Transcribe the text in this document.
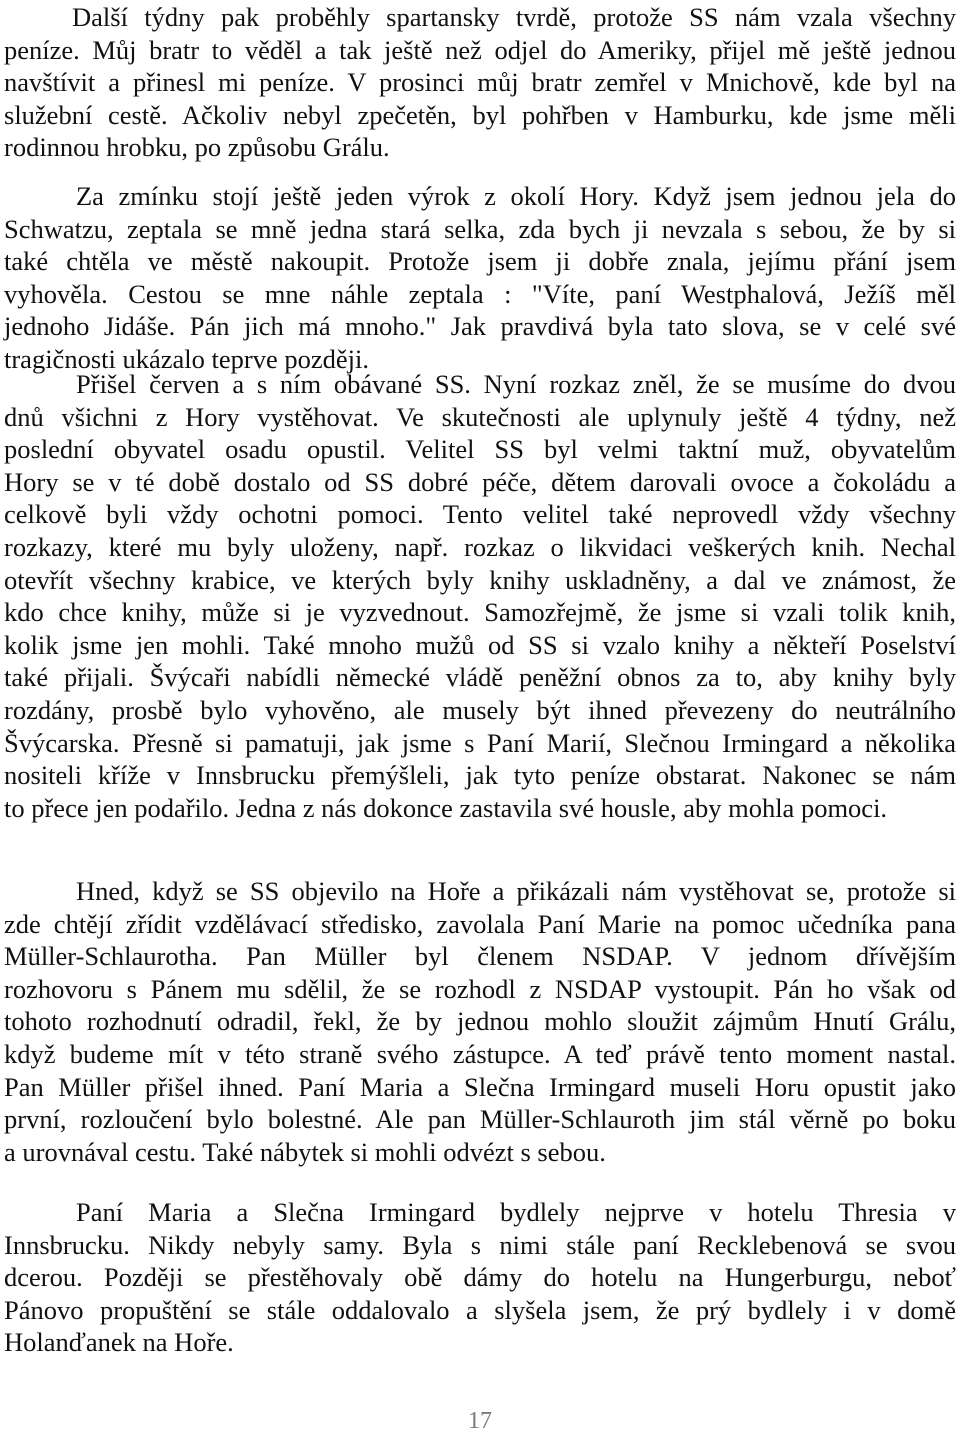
Další týdny pak proběhly spartansky tvrdě, protože SS nám vzala všechny
peníze. Můj bratr to věděl a tak ještě než odjel do Ameriky, přijel mě ještě jednou
navštívit a přinesl mi peníze. V prosinci můj bratr zemřel v Mnichově, kde byl na
služební cestě. Ačkoliv nebyl zpečetěn, byl pohřben v Hamburku, kde jsme měli
rodinnou hrobku, po způsobu Grálu.
Za zmínku stojí ještě jeden výrok z okolí Hory. Když jsem jednou jela do
Schwatzu, zeptala se mně jedna stará selka, zda bych ji nevzala s sebou, že by si
také chtěla ve městě nakoupit. Protože jsem ji dobře znala, jejímu přání jsem
vyhověla. Cestou se mne náhle zeptala : "Víte, paní Westphalová, Ježíš měl
jednoho Jidáše. Pán jich má mnoho." Jak pravdivá byla tato slova, se v celé své
tragičnosti ukázalo teprve později.
Přišel červen a s ním obávané SS. Nyní rozkaz zněl, že se musíme do dvou
dnů všichni z Hory vystěhovat. Ve skutečnosti ale uplynuly ještě 4 týdny, než
poslední obyvatel osadu opustil. Velitel SS byl velmi taktní muž, obyvatelům
Hory se v té době dostalo od SS dobré péče, dětem darovali ovoce a čokoládu a
celkově byli vždy ochotni pomoci. Tento velitel také neprovedl vždy všechny
rozkazy, které mu byly uloženy, např. rozkaz o likvidaci veškerých knih. Nechal
otevřít všechny krabice, ve kterých byly knihy uskladněny, a dal ve známost, že
kdo chce knihy, může si je vyzvednout. Samozřejmě, že jsme si vzali tolik knih,
kolik jsme jen mohli. Také mnoho mužů od SS si vzalo knihy a někteří Poselství
také přijali. Švýcaři nabídli německé vládě peněžní obnos za to, aby knihy byly
rozdány, prosbě bylo vyhověno, ale musely být ihned převezeny do neutrálního
Švýcarska. Přesně si pamatuji, jak jsme s Paní Marií, Slečnou Irmingard a několika
nositeli kříže v Innsbrucku přemýšleli, jak tyto peníze obstarat. Nakonec se nám
to přece jen podařilo. Jedna z nás dokonce zastavila své housle, aby mohla pomoci.
Hned, když se SS objevilo na Hoře a přikázali nám vystěhovat se, protože si
zde chtějí zřídit vzdělávací středisko, zavolala Paní Marie na pomoc učedníka pana
Müller-Schlaurotha. Pan Müller byl členem NSDAP. V jednom dřívějším
rozhovoru s Pánem mu sdělil, že se rozhodl z NSDAP vystoupit. Pán ho však od
tohoto rozhodnutí odradil, řekl, že by jednou mohlo sloužit zájmům Hnutí Grálu,
když budeme mít v této straně svého zástupce. A teď právě tento moment nastal.
Pan Müller přišel ihned. Paní Maria a Slečna Irmingard museli Horu opustit jako
první, rozloučení bylo bolestné. Ale pan Müller-Schlauroth jim stál věrně po boku
a urovnával cestu. Také nábytek si mohli odvézt s sebou.
Paní Maria a Slečna Irmingard bydlely nejprve v hotelu Thresia v
Innsbrucku. Nikdy nebyly samy. Byla s nimi stále paní Recklebenová se svou
dcerou. Později se přestěhovaly obě dámy do hotelu na Hungerburgu, neboť
Pánovo propuštění se stále oddalovalo a slyšela jsem, že prý bydlely i v domě
Holanďanek na Hoře.
17
